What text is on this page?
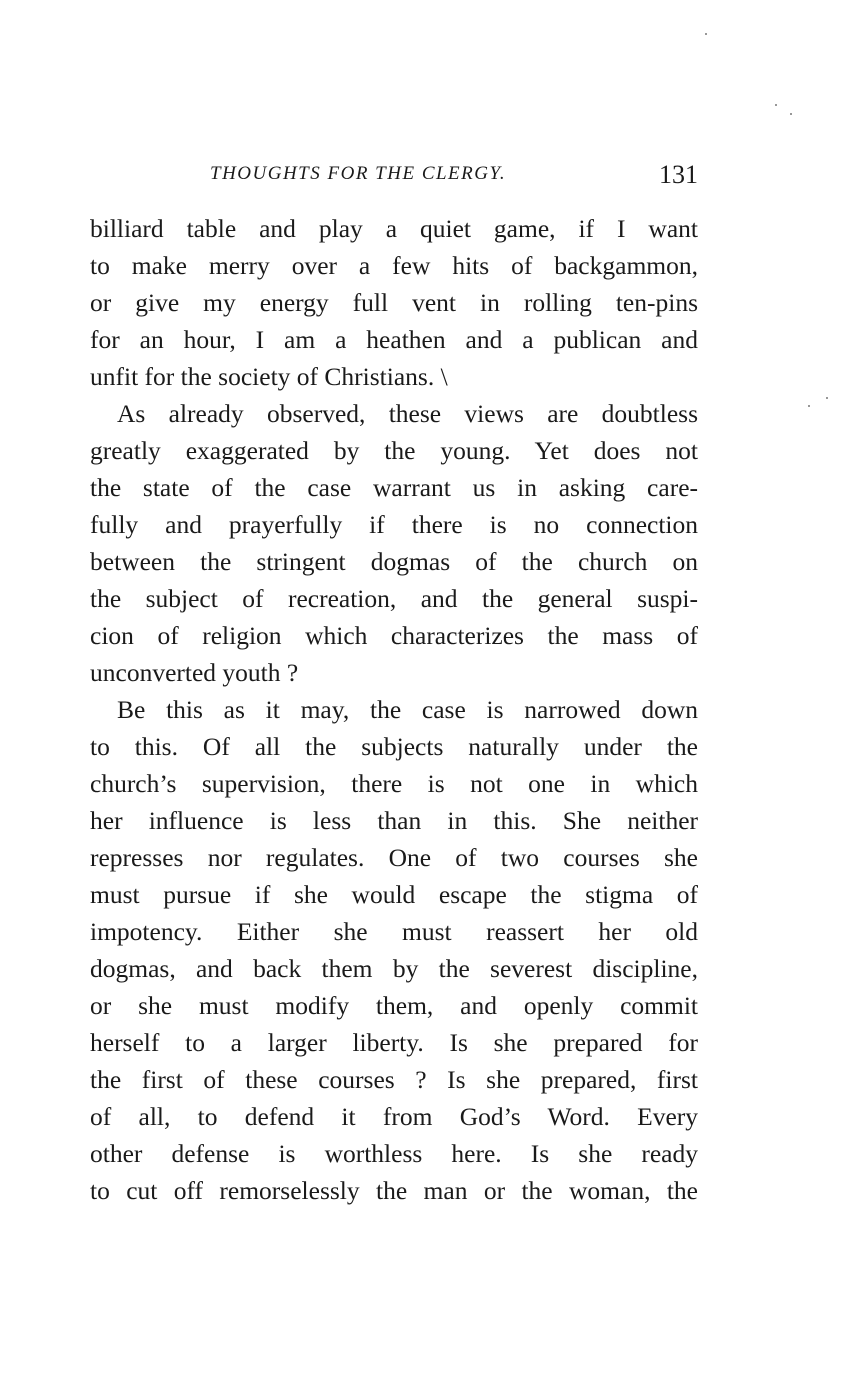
THOUGHTS FOR THE CLERGY.	131
billiard table and play a quiet game, if I want
to make merry over a few hits of backgammon,
or give my energy full vent in rolling ten-pins
for an hour, I am a heathen and a publican and
unfit for the society of Christians. \
As already observed, these views are doubtless
greatly exaggerated by the young. Yet does not
the state of the case warrant us in asking care-
fully and prayerfully if there is no connection
between the stringent dogmas of the church on
the subject of recreation, and the general suspi-
cion of religion which characterizes the mass of
unconverted youth ?
Be this as it may, the case is narrowed down
to this. Of all the subjects naturally under the
church’s supervision, there is not one in which
her influence is less than in this. She neither
represses nor regulates. One of two courses she
must pursue if she would escape the stigma of
impotency. Either she must reassert her old
dogmas, and back them by the severest discipline,
or she must modify them, and openly commit
herself to a larger liberty. Is she prepared for
the first of these courses ? Is she prepared, first
of all, to defend it from God’s Word. Every
other defense is worthless here. Is she ready
to cut off remorselessly the man or the woman, the
